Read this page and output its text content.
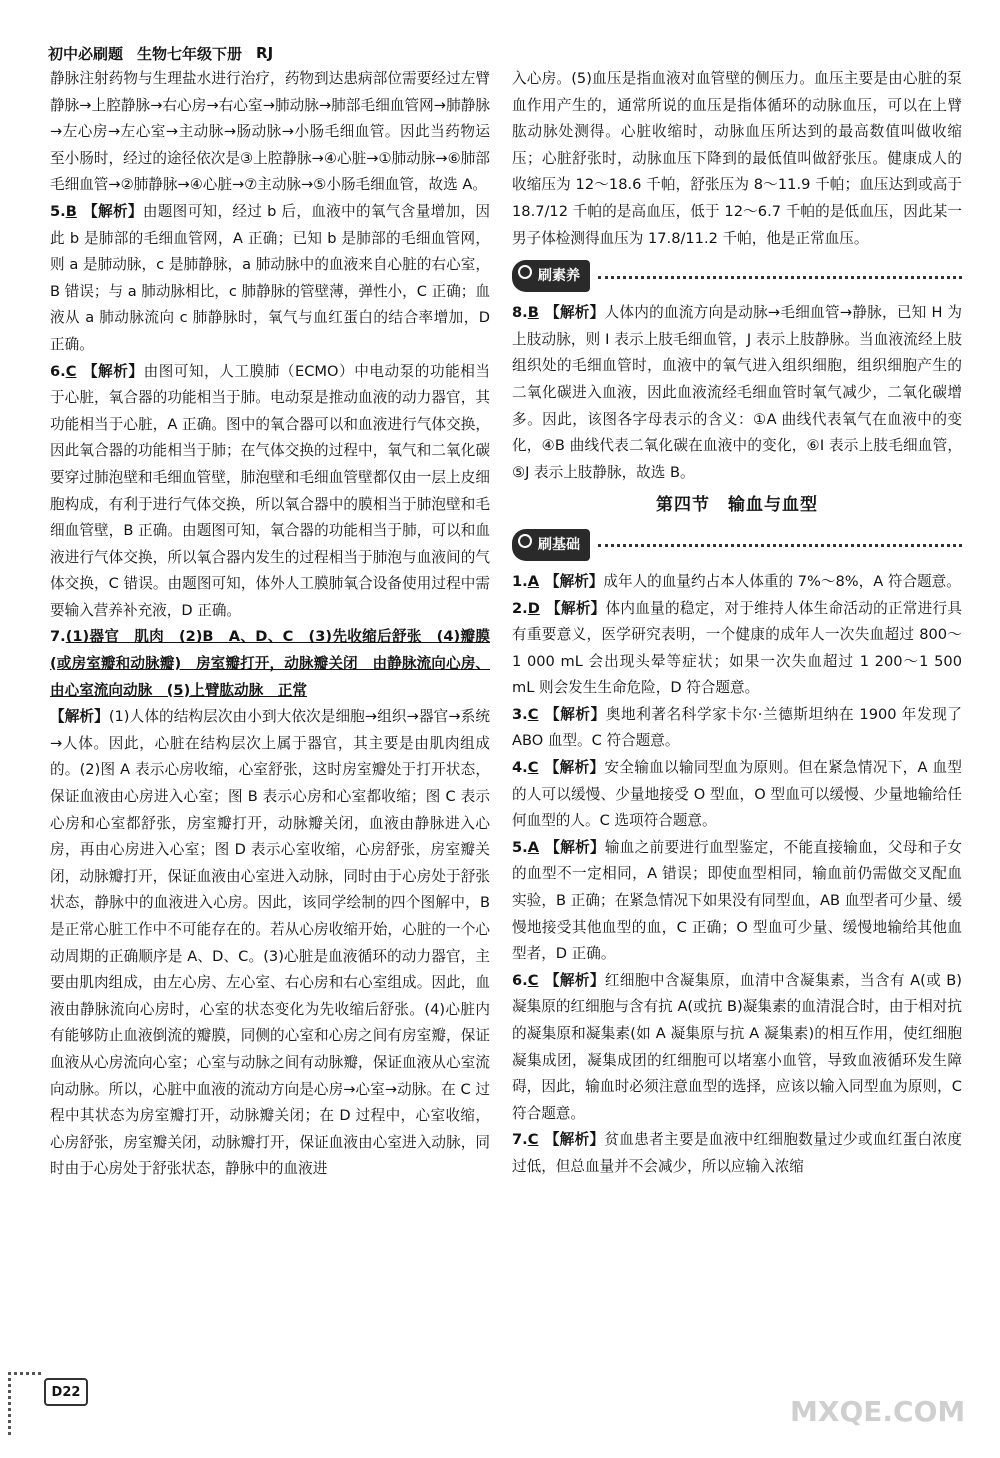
初中必刷题 生物七年级下册 RJ

静脉注射药物与生理盐水进行治疗，药物到达患病部位需要经过左臂静脉→上腔静脉→右心房→右心室→肺动脉→肺部毛细血管网→肺静脉→左心房→左心室→主动脉→肠动脉→小肠毛细血管。因此当药物运至小肠时，经过的途径依次是③上腔静脉→④心脏→①肺动脉→⑥肺部毛细血管→②肺静脉→④心脏→⑦主动脉→⑤小肠毛细血管，故选 A。

5.B 【解析】由题图可知，经过 b 后，血液中的氧气含量增加，因此 b 是肺部的毛细血管网，A 正确；已知 b 是肺部的毛细血管网，则 a 是肺动脉，c 是肺静脉，a 肺动脉中的血液来自心脏的右心室，B 错误；与 a 肺动脉相比，c 肺静脉的管壁薄，弹性小，C 正确；血液从 a 肺动脉流向 c 肺静脉时，氧气与血红蛋白的结合率增加，D 正确。

6.C 【解析】由图可知，人工膜肺（ECMO）中电动泵的功能相当于心脏，氧合器的功能相当于肺。电动泵是推动血液的动力器官，其功能相当于心脏，A 正确。图中的氧合器可以和血液进行气体交换，因此氧合器的功能相当于肺；在气体交换的过程中，氧气和二氧化碳要穿过肺泡壁和毛细血管壁，肺泡壁和毛细血管壁都仅由一层上皮细胞构成，有利于进行气体交换，所以氧合器中的膜相当于肺泡壁和毛细血管壁，B 正确。由题图可知，氧合器的功能相当于肺，可以和血液进行气体交换，所以氧合器内发生的过程相当于肺泡与血液间的气体交换，C 错误。由题图可知，体外人工膜肺氧合设备使用过程中需要输入营养补充液，D 正确。

7.(1)器官　肌肉　(2)B　A、D、C　(3)先收缩后舒张　(4)瓣膜(或房室瓣和动脉瓣)　房室瓣打开，动脉瓣关闭　由静脉流向心房、由心室流向动脉　(5)上臂肱动脉　正常

【解析】(1)人体的结构层次由小到大依次是细胞→组织→器官→系统→人体。因此，心脏在结构层次上属于器官，其主要是由肌肉组成的。(2)图 A 表示心房收缩，心室舒张，这时房室瓣处于打开状态，保证血液由心房进入心室；图 B 表示心房和心室都收缩；图 C 表示心房和心室都舒张，房室瓣打开，动脉瓣关闭，血液由静脉进入心房，再由心房进入心室；图 D 表示心室收缩，心房舒张，房室瓣关闭，动脉瓣打开，保证血液由心室进入动脉，同时由于心房处于舒张状态，静脉中的血液进入心房。因此，该同学绘制的四个图解中，B 是正常心脏工作中不可能存在的。若从心房收缩开始，心脏的一个心动周期的正确顺序是 A、D、C。(3)心脏是血液循环的动力器官，主要由肌肉组成，由左心房、左心室、右心房和右心室组成。因此，血液由静脉流向心房时，心室的状态变化为先收缩后舒张。(4)心脏内有能够防止血液倒流的瓣膜，同侧的心室和心房之间有房室瓣，保证血液从心房流向心室；心室与动脉之间有动脉瓣，保证血液从心室流向动脉。所以，心脏中血液的流动方向是心房→心室→动脉。在 C 过程中其状态为房室瓣打开，动脉瓣关闭；在 D 过程中，心室收缩，心房舒张，房室瓣关闭，动脉瓣打开，保证血液由心室进入动脉，同时由于心房处于舒张状态，静脉中的血液进

入心房。(5)血压是指血液对血管壁的侧压力。血压主要是由心脏的泵血作用产生的，通常所说的血压是指体循环的动脉血压，可以在上臂肱动脉处测得。心脏收缩时，动脉血压所达到的最高数值叫做收缩压；心脏舒张时，动脉血压下降到的最低值叫做舒张压。健康成人的收缩压为 12～18.6 千帕，舒张压为 8～11.9 千帕；血压达到或高于 18.7/12 千帕的是高血压，低于 12～6.7 千帕的是低血压，因此某一男子体检测得血压为 17.8/11.2 千帕，他是正常血压。

刷素养

8.B 【解析】人体内的血流方向是动脉→毛细血管→静脉，已知 H 为上肢动脉，则 I 表示上肢毛细血管，J 表示上肢静脉。当血液流经上肢组织处的毛细血管时，血液中的氧气进入组织细胞，组织细胞产生的二氧化碳进入血液，因此血液流经毛细血管时氧气减少，二氧化碳增多。因此，该图各字母表示的含义：①A 曲线代表氧气在血液中的变化，④B 曲线代表二氧化碳在血液中的变化，⑥I 表示上肢毛细血管，⑤J 表示上肢静脉，故选 B。

第四节　输血与血型
刷基础

1.A 【解析】成年人的血量约占本人体重的 7%～8%，A 符合题意。

2.D 【解析】体内血量的稳定，对于维持人体生命活动的正常进行具有重要意义，医学研究表明，一个健康的成年人一次失血超过 800～1 000 mL 会出现头晕等症状；如果一次失血超过 1 200～1 500 mL 则会发生生命危险，D 符合题意。

3.C 【解析】奥地利著名科学家卡尔·兰德斯坦纳在 1900 年发现了 ABO 血型。C 符合题意。

4.C 【解析】安全输血以输同型血为原则。但在紧急情况下，A 血型的人可以缓慢、少量地接受 O 型血，O 型血可以缓慢、少量地输给任何血型的人。C 选项符合题意。

5.A 【解析】输血之前要进行血型鉴定，不能直接输血，父母和子女的血型不一定相同，A 错误；即使血型相同，输血前仍需做交叉配血实验，B 正确；在紧急情况下如果没有同型血，AB 血型者可少量、缓慢地接受其他血型的血，C 正确；O 型血可少量、缓慢地输给其他血型者，D 正确。

6.C 【解析】红细胞中含凝集原，血清中含凝集素，当含有 A(或 B)凝集原的红细胞与含有抗 A(或抗 B)凝集素的血清混合时，由于相对抗的凝集原和凝集素(如 A 凝集原与抗 A 凝集素)的相互作用，使红细胞凝集成团，凝集成团的红细胞可以堵塞小血管，导致血液循环发生障碍，因此，输血时必须注意血型的选择，应该以输入同型血为原则，C 符合题意。

7.C 【解析】贫血患者主要是血液中红细胞数量过少或血红蛋白浓度过低，但总血量并不会减少，所以应输入浓缩

D22
MXQE.COM
